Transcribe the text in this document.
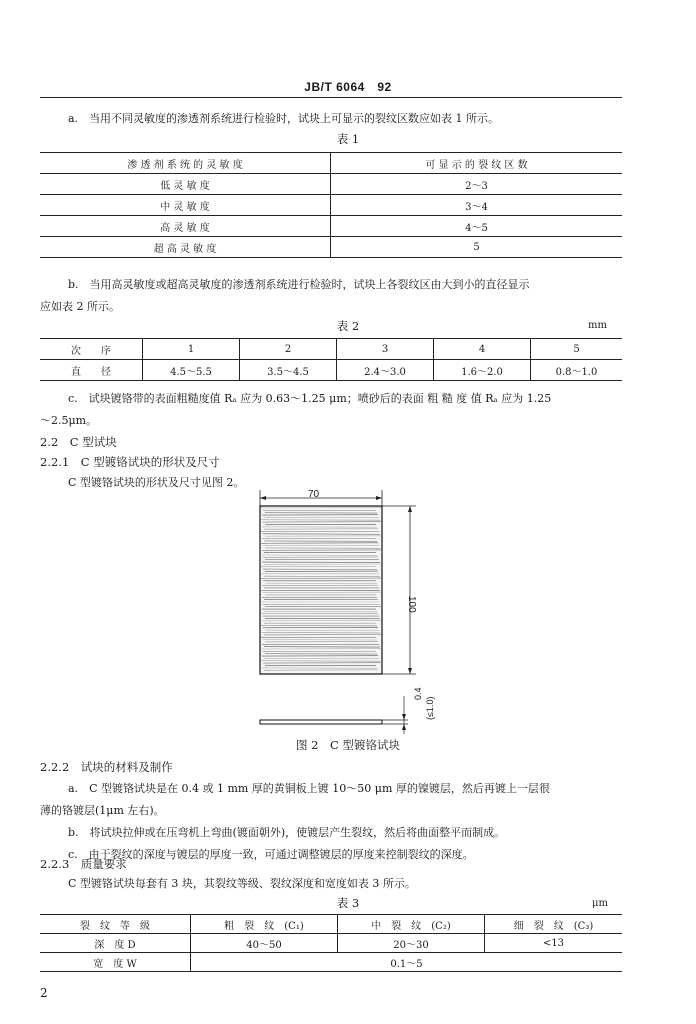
JB/T 6064　92
a.　 当用不同灵敏度的渗透剂系统进行检验时，试块上可显示的裂纹区数应如表 1 所示。
表 1
渗 透 剂 系 统 的 灵 敏 度	可 显 示 的 裂 纹 区 数
低 灵 敏 度	2～3
中 灵 敏 度	3～4
高 灵 敏 度	4～5
超 高 灵 敏 度	5
b.　 当用高灵敏度或超高灵敏度的渗透剂系统进行检验时，试块上各裂纹区由大到小的直径显示
应如表 2 所示。
表 2	mm
次　　序	1	2	3	4	5
直　　径	4.5～5.5	3.5～4.5	2.4～3.0	1.6～2.0	0.8～1.0
c.　 试块镀铬带的表面粗糙度值 Rₐ 应为 0.63～1.25 μm；喷砂后的表面 粗 糙 度 值 Rₐ 应为 1.25
～2.5μm。
2.2　 C 型试块
2.2.1　 C 型镀铬试块的形状及尺寸
C 型镀铬试块的形状及尺寸见图 2。
70
100
0.4
(≤1.0)
图 2　C 型镀铬试块
2.2.2　 试块的材料及制作
a.　 C 型镀铬试块是在 0.4 或 1 mm 厚的黄铜板上镀 10～50 μm 厚的镍镀层，然后再镀上一层很
薄的铬镀层(1μm 左右)。
b.　 将试块拉伸或在压弯机上弯曲(镀面朝外)，使镀层产生裂纹，然后将曲面整平而制成。
c.　 由于裂纹的深度与镀层的厚度一致，可通过调整镀层的厚度来控制裂纹的深度。
2.2.3　 质量要求
C 型镀铬试块每套有 3 块，其裂纹等级、裂纹深度和宽度如表 3 所示。
表 3	μm
裂　纹　等　级	粗　裂　纹　(C₁)	中　裂　纹　(C₂)	细　裂　纹　(C₃)
深　度 D	40～50	20～30	<13
宽　度 W	0.1～5		
2
